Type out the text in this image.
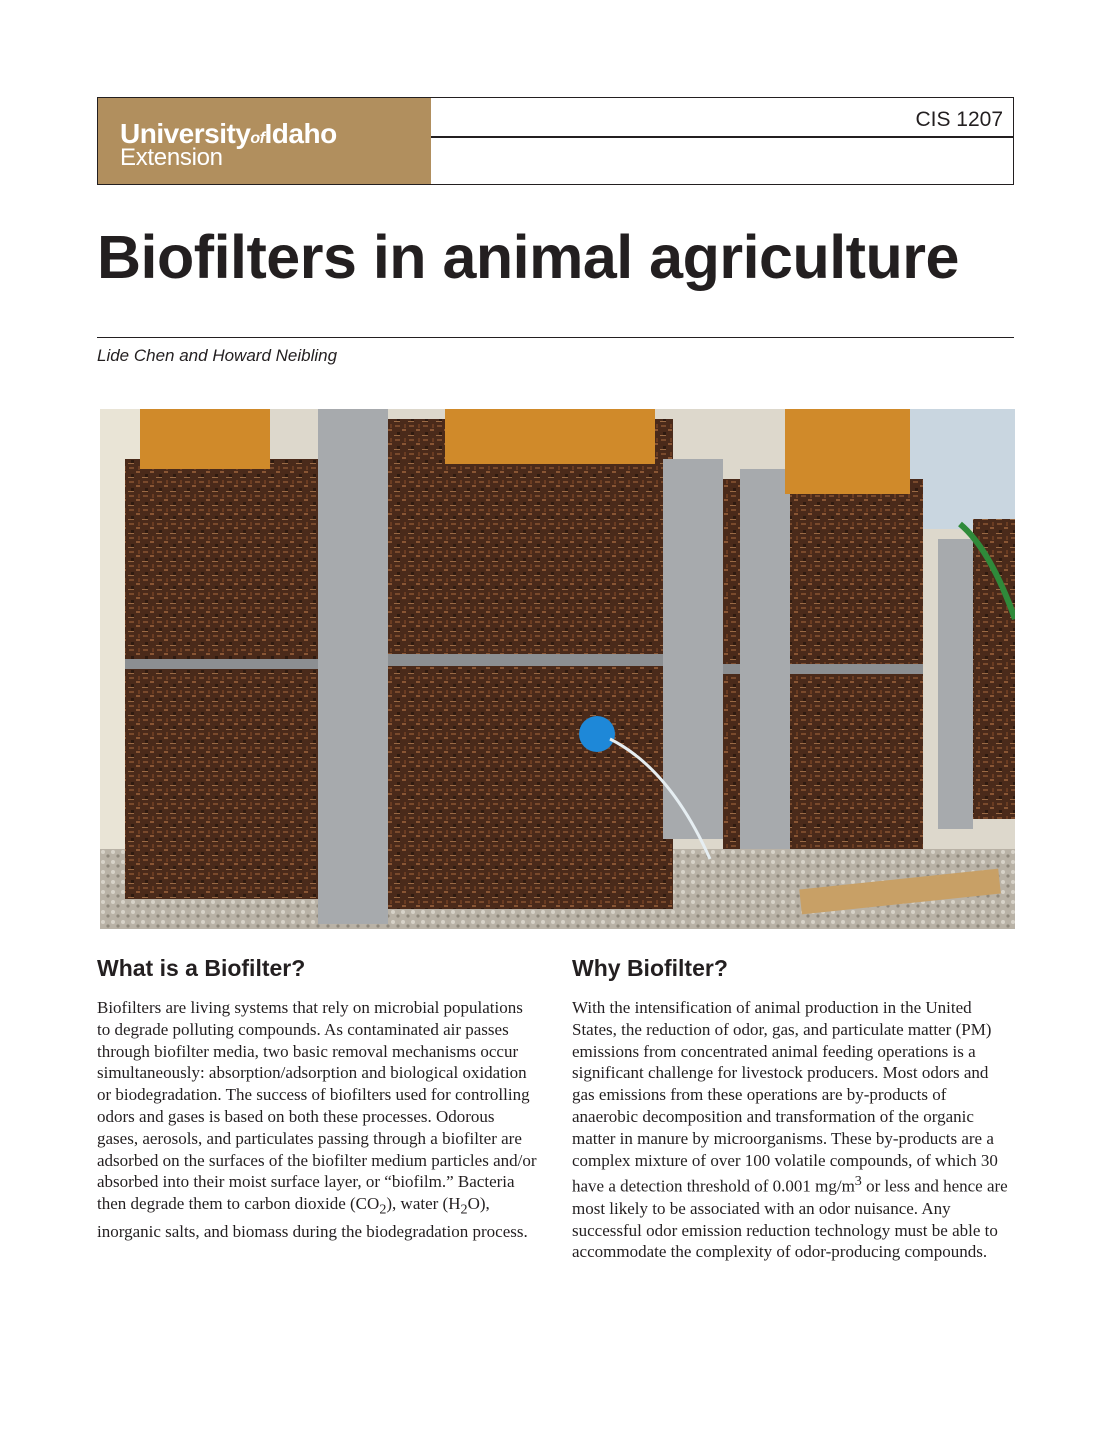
UniversityofIdaho
Extension
CIS 1207
Biofilters in animal agriculture
Lide Chen and Howard Neibling
What is a Biofilter?

Biofilters are living systems that rely on microbial populations to degrade polluting compounds. As contaminated air passes through biofilter media, two basic removal mechanisms occur simultaneously: absorption/adsorption and biological oxidation or biodegradation. The success of biofilters used for controlling odors and gases is based on both these processes. Odorous gases, aerosols, and particulates passing through a biofilter are adsorbed on the surfaces of the biofilter medium particles and/or absorbed into their moist surface layer, or “biofilm.” Bacteria then degrade them to carbon dioxide $(CO_2)$, water $(H_2O)$, inorganic salts, and biomass during the biodegradation process.

Why Biofilter?

With the intensification of animal production in the United States, the reduction of odor, gas, and particulate matter (PM) emissions from concentrated animal feeding operations is a significant challenge for livestock producers. Most odors and gas emissions from these operations are by-products of anaerobic decomposition and transformation of the organic matter in manure by microorganisms. These by-products are a complex mixture of over 100 volatile compounds, of which 30 have a detection threshold of 0.001 $mg/m^3$ or less and hence are most likely to be associated with an odor nuisance. Any successful odor emission reduction technology must be able to accommodate the complexity of odor-producing compounds.
